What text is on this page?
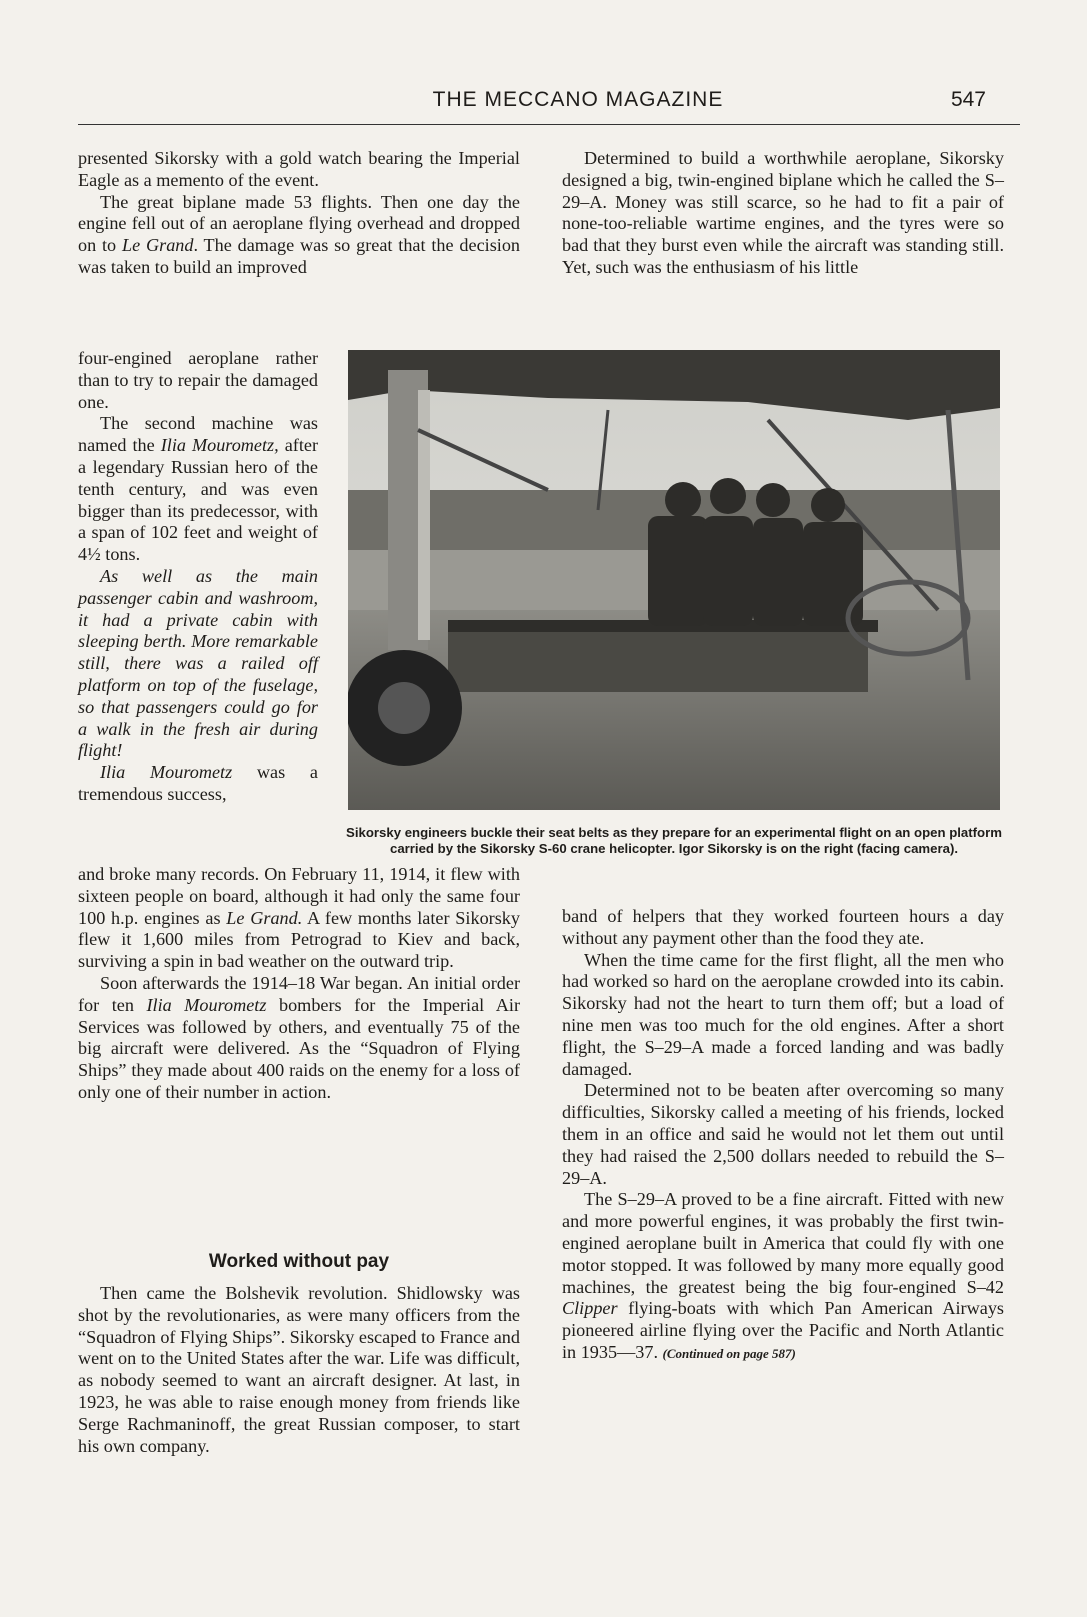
THE MECCANO MAGAZINE	547

presented Sikorsky with a gold watch bearing the Imperial Eagle as a memento of the event.

The great biplane made 53 flights. Then one day the engine fell out of an aeroplane flying overhead and dropped on to Le Grand. The damage was so great that the decision was taken to build an improved

four-engined aeroplane rather than to try to repair the damaged one.

The second machine was named the Ilia Mourometz, after a legendary Russian hero of the tenth century, and was even bigger than its predecessor, with a span of 102 feet and weight of 4½ tons.

As well as the main passenger cabin and washroom, it had a private cabin with sleeping berth. More remarkable still, there was a railed off platform on top of the fuselage, so that passengers could go for a walk in the fresh air during flight!

Ilia Mourometz was a tremendous success,

and broke many records. On February 11, 1914, it flew with sixteen people on board, although it had only the same four 100 h.p. engines as Le Grand. A few months later Sikorsky flew it 1,600 miles from Petrograd to Kiev and back, surviving a spin in bad weather on the outward trip.

Soon afterwards the 1914–18 War began. An initial order for ten Ilia Mourometz bombers for the Imperial Air Services was followed by others, and eventually 75 of the big aircraft were delivered. As the “Squadron of Flying Ships” they made about 400 raids on the enemy for a loss of only one of their number in action.

Worked without pay

Then came the Bolshevik revolution. Shidlowsky was shot by the revolutionaries, as were many officers from the “Squadron of Flying Ships”. Sikorsky escaped to France and went on to the United States after the war. Life was difficult, as nobody seemed to want an aircraft designer. At last, in 1923, he was able to raise enough money from friends like Serge Rachmaninoff, the great Russian composer, to start his own company.

Determined to build a worthwhile aeroplane, Sikorsky designed a big, twin-engined biplane which he called the S–29–A. Money was still scarce, so he had to fit a pair of none-too-reliable wartime engines, and the tyres were so bad that they burst even while the aircraft was standing still. Yet, such was the enthusiasm of his little

Sikorsky engineers buckle their seat belts as they prepare for an experimental flight on an open platform carried by the Sikorsky S-60 crane helicopter. Igor Sikorsky is on the right (facing camera).

band of helpers that they worked fourteen hours a day without any payment other than the food they ate.

When the time came for the first flight, all the men who had worked so hard on the aeroplane crowded into its cabin. Sikorsky had not the heart to turn them off; but a load of nine men was too much for the old engines. After a short flight, the S–29–A made a forced landing and was badly damaged.

Determined not to be beaten after overcoming so many difficulties, Sikorsky called a meeting of his friends, locked them in an office and said he would not let them out until they had raised the 2,500 dollars needed to rebuild the S–29–A.

The S–29–A proved to be a fine aircraft. Fitted with new and more powerful engines, it was probably the first twin-engined aeroplane built in America that could fly with one motor stopped. It was followed by many more equally good machines, the greatest being the big four-engined S–42 Clipper flying-boats with which Pan American Airways pioneered airline flying over the Pacific and North Atlantic in 1935—37. (Continued on page 587)
